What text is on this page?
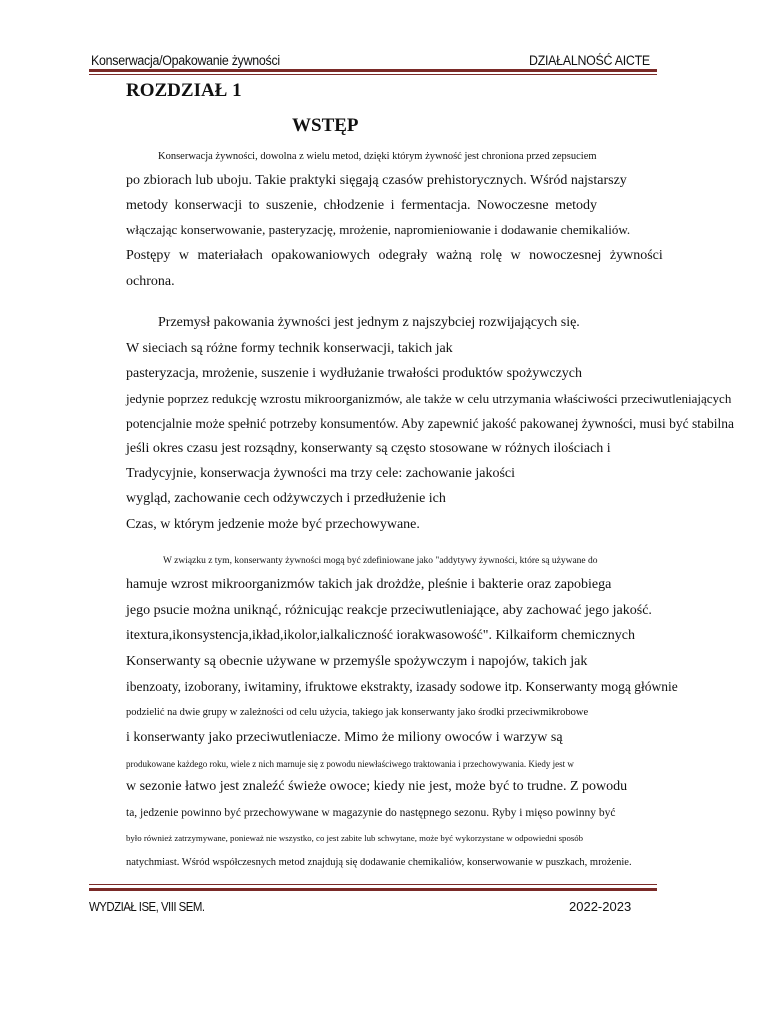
Konserwacja/Opakowanie żywności	DZIAŁALNOŚĆ AICTE
ROZDZIAŁ 1
WSTĘP
Konserwacja żywności, dowolna z wielu metod, dzięki którym żywność jest chroniona przed zepsuciem
po zbiorach lub uboju. Takie praktyki sięgają czasów prehistorycznych. Wśród najstarszy
metody konserwacji to suszenie, chłodzenie i fermentacja. Nowoczesne metody
włączając konserwowanie, pasteryzację, mrożenie, napromieniowanie i dodawanie chemikaliów.
Postępy w materiałach opakowaniowych odegrały ważną rolę w nowoczesnej żywności
ochrona.
Przemysł pakowania żywności jest jednym z najszybciej rozwijających się.
W sieciach są różne formy technik konserwacji, takich jak
pasteryzacja, mrożenie, suszenie i wydłużanie trwałości produktów spożywczych
jedynie poprzez redukcję wzrostu mikroorganizmów, ale także w celu utrzymania właściwości przeciwutleniających
potencjalnie może spełnić potrzeby konsumentów. Aby zapewnić jakość pakowanej żywności, musi być stabilna
jeśli okres czasu jest rozsądny, konserwanty są często stosowane w różnych ilościach i
Tradycyjnie, konserwacja żywności ma trzy cele: zachowanie jakości
wygląd, zachowanie cech odżywczych i przedłużenie ich
Czas, w którym jedzenie może być przechowywane.
W związku z tym, konserwanty żywności mogą być zdefiniowane jako "addytywy żywności, które są używane do
hamuje wzrost mikroorganizmów takich jak drożdże, pleśnie i bakterie oraz zapobiega
jego psucie można uniknąć, różnicując reakcje przeciwutleniające, aby zachować jego jakość.
itextura,ikonsystencja,ikład,ikolor,ialkaliczność iorakwasowość". Kilkaiform chemicznych
Konserwanty są obecnie używane w przemyśle spożywczym i napojów, takich jak
ibenzoaty, izoborany, iwitaminy, ifruktowe ekstrakty, izasady sodowe itp. Konserwanty mogą głównie
podzielić na dwie grupy w zależności od celu użycia, takiego jak konserwanty jako środki przeciwmikrobowe
i konserwanty jako przeciwutleniacze. Mimo że miliony owoców i warzyw są
produkowane każdego roku, wiele z nich marnuje się z powodu niewłaściwego traktowania i przechowywania. Kiedy jest w
w sezonie łatwo jest znaleźć świeże owoce; kiedy nie jest, może być to trudne. Z powodu
ta, jedzenie powinno być przechowywane w magazynie do następnego sezonu. Ryby i mięso powinny być
było również zatrzymywane, ponieważ nie wszystko, co jest zabite lub schwytane, może być wykorzystane w odpowiedni sposób
natychmiast. Wśród współczesnych metod znajdują się dodawanie chemikaliów, konserwowanie w puszkach, mrożenie.
WYDZIAŁ ISE, VIII SEM.	2022-2023
